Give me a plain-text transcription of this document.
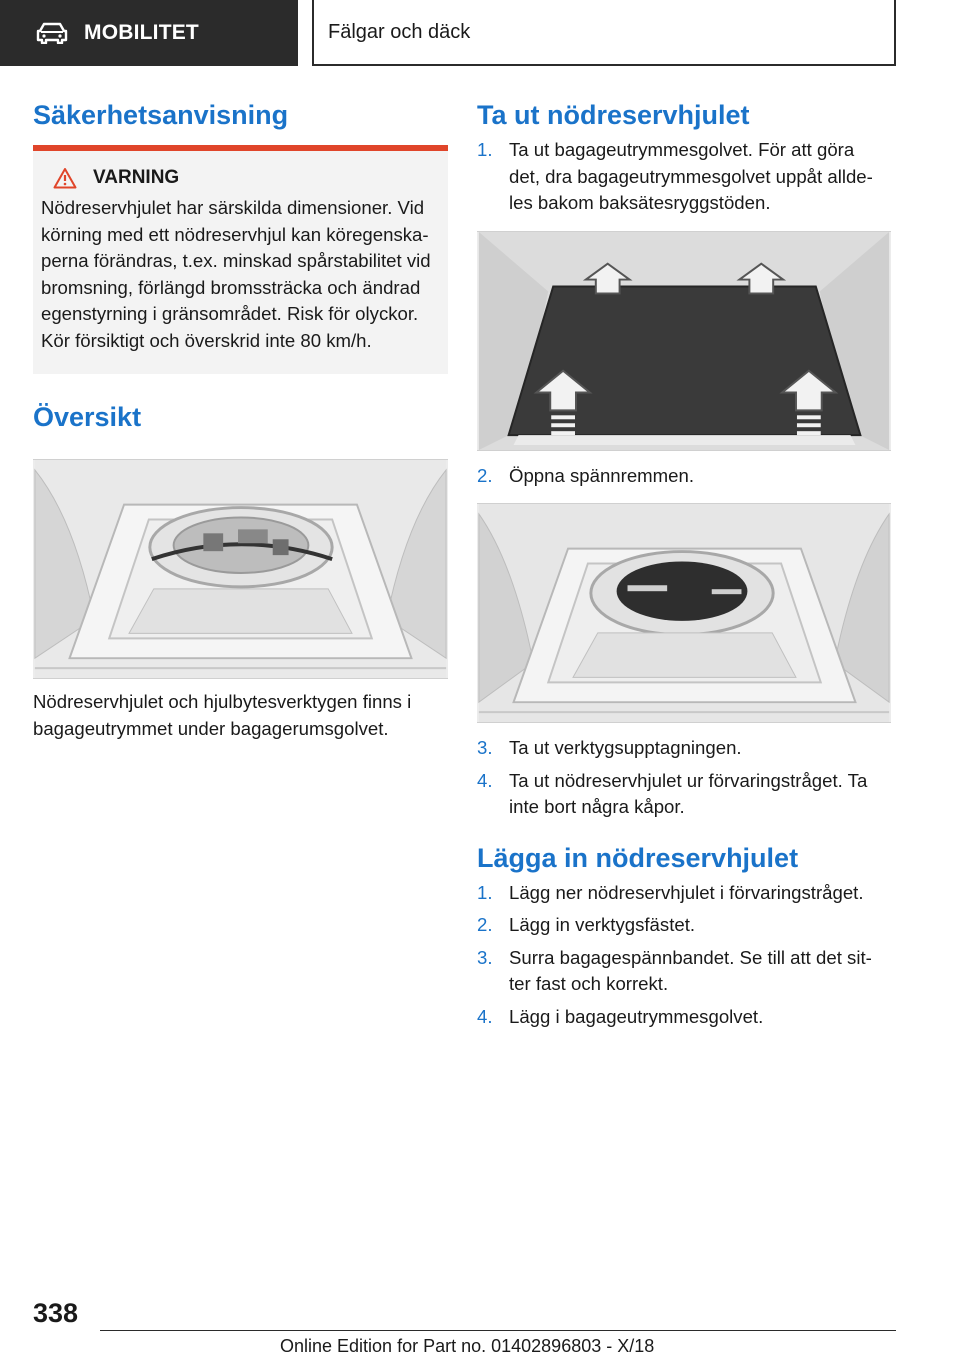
MOBILITET	Fälgar och däck
Säkerhetsanvisning
VARNING
Nödreservhjulet har särskilda dimensioner. Vid
körning med ett nödreservhjul kan köregenska-
perna förändras, t.ex. minskad spårstabilitet vid
bromsning, förlängd bromssträcka och ändrad
egenstyrning i gränsområdet. Risk för olyckor.
Kör försiktigt och överskrid inte 80 km/h.
Översikt
Nödreservhjulet och hjulbytesverktygen finns i
bagageutrymmet under bagagerumsgolvet.
Ta ut nödreservhjulet
1. Ta ut bagageutrymmesgolvet. För att göra
det, dra bagageutrymmesgolvet uppåt allde-
les bakom baksätesryggstöden.
2. Öppna spännremmen.
3. Ta ut verktygsupptagningen.
4. Ta ut nödreservhjulet ur förvaringstråget. Ta
inte bort några kåpor.
Lägga in nödreservhjulet
1. Lägg ner nödreservhjulet i förvaringstråget.
2. Lägg in verktygsfästet.
3. Surra bagagespännbandet. Se till att det sit-
ter fast och korrekt.
4. Lägg i bagageutrymmesgolvet.
338
Online Edition for Part no. 01402896803 - X/18
